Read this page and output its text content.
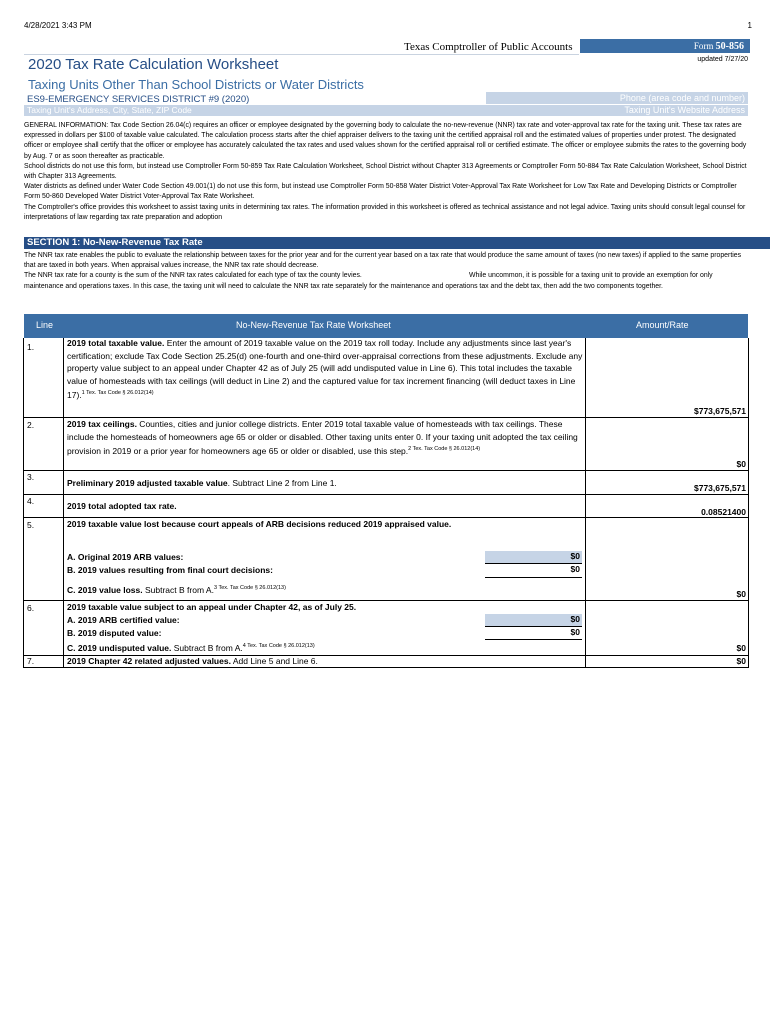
4/28/2021 3:43 PM	1
Texas Comptroller of Public Accounts	Form 50-856
updated 7/27/20
2020 Tax Rate Calculation Worksheet
Taxing Units Other Than School Districts or Water Districts
ES9-EMERGENCY SERVICES DISTRICT #9 (2020)	Phone (area code and number)
Taxing Unit's Address, City, State, ZIP Code	Taxing Unit's Website Address

GENERAL INFORMATION: Tax Code Section 26.04(c) requires an officer or employee designated by the governing body to calculate the no-new-revenue (NNR) tax rate and voter-approval tax rate for the taxing unit. These tax rates are expressed in dollars per $100 of taxable value calculated. The calculation process starts after the chief appraiser delivers to the taxing unit the certified appraisal roll and the estimated values of properties under protest. The designated officer or employee shall certify that the officer or employee has accurately calculated the tax rates and used values shown for the certified appraisal roll or certified estimate. The officer or employee submits the rates to the governing body by Aug. 7 or as soon thereafter as practicable.

School districts do not use this form, but instead use Comptroller Form 50-859 Tax Rate Calculation Worksheet, School District without Chapter 313 Agreements or Comptroller Form 50-884 Tax Rate Calculation Worksheet, School District with Chapter 313 Agreements.

Water districts as defined under Water Code Section 49.001(1) do not use this form, but instead use Comptroller Form 50-858 Water District Voter-Approval Tax Rate Worksheet for Low Tax Rate and Developing Districts or Comptroller Form 50-860 Developed Water District Voter-Approval Tax Rate Worksheet.

The Comptroller's office provides this worksheet to assist taxing units in determining tax rates. The information provided in this worksheet is offered as technical assistance and not legal advice. Taxing units should consult legal counsel for interpretations of law regarding tax rate preparation and adoption

SECTION 1: No-New-Revenue Tax Rate

The NNR tax rate enables the public to evaluate the relationship between taxes for the prior year and for the current year based on a tax rate that would produce the same amount of taxes (no new taxes) if applied to the same properties that are taxed in both years. When appraisal values increase, the NNR tax rate should decrease.

The NNR tax rate for a county is the sum of the NNR tax rates calculated for each type of tax the county levies.	While uncommon, it is possible for a taxing unit to provide an exemption for only maintenance and operations taxes. In this case, the taxing unit will need to calculate the NNR tax rate separately for the maintenance and operations tax and the debt tax, then add the two components together.

Line	No-New-Revenue Tax Rate Worksheet	Amount/Rate
1.	2019 total taxable value. Enter the amount of 2019 taxable value on the 2019 tax roll today. Include any adjustments since last year's certification; exclude Tax Code Section 25.25(d) one-fourth and one-third over-appraisal corrections from these adjustments. Exclude any property value subject to an appeal under Chapter 42 as of July 25 (will add undisputed value in Line 6). This total includes the taxable value of homesteads with tax ceilings (will deduct in Line 2) and the captured value for tax increment financing (will deduct taxes in Line 17).$^{1 Tex. Tax Code \S 26.012(14)}$
$773,675,571
2.	2019 tax ceilings. Counties, cities and junior college districts. Enter 2019 total taxable value of homesteads with tax ceilings. These include the homesteads of homeowners age 65 or older or disabled. Other taxing units enter 0. If your taxing unit adopted the tax ceiling provision in 2019 or a prior year for homeowners age 65 or older or disabled, use this step.$^{2 Tex. Tax Code \S 26.012(14)}$
$0
3.
Preliminary 2019 adjusted taxable value. Subtract Line 2 from Line 1.	$773,675,571
4.	2019 total adopted tax rate.
0.08521400
5.	2019 taxable value lost because court appeals of ARB decisions reduced 2019 appraised value.
A. Original 2019 ARB values:	$0
B. 2019 values resulting from final court decisions:	$0
C. 2019 value loss. Subtract B from A.$^{3 Tex. Tax Code \S 26.012(13)}$
$0
6.	2019 taxable value subject to an appeal under Chapter 42, as of July 25.
A. 2019 ARB certified value:	$0
B. 2019 disputed value:	$0
C. 2019 undisputed value. Subtract B from A.$^{4 Tex. Tax Code \S 26.012(13)}$	$0
7.	2019 Chapter 42 related adjusted values. Add Line 5 and Line 6.	$0
